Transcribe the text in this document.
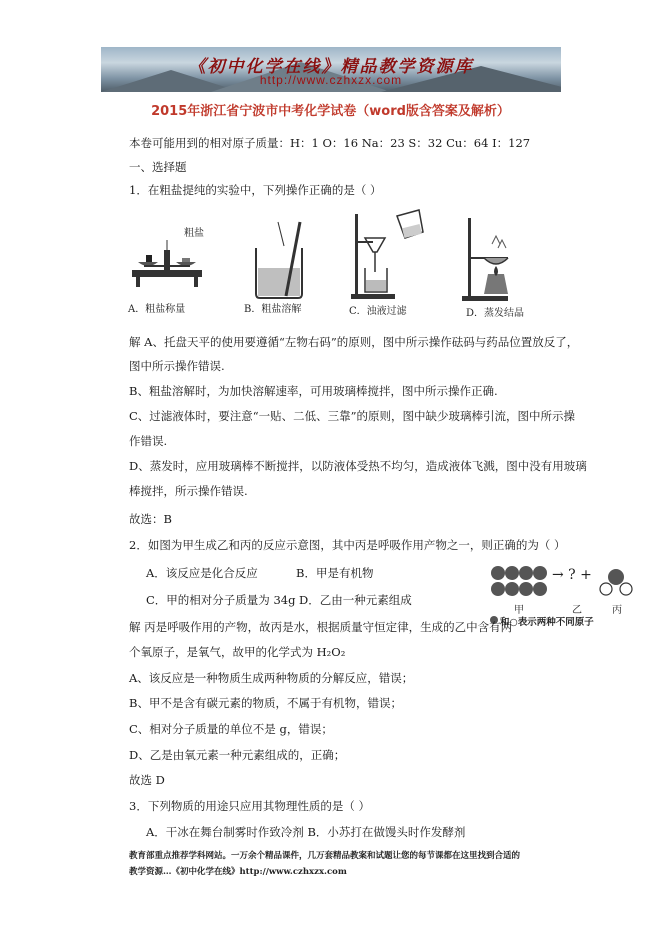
《初中化学在线》精品教学资源库
http://www.czhxzx.com
2015年浙江省宁波市中考化学试卷（word版含答案及解析）
本卷可能用到的相对原子质量：H：1 O：16 Na：23 S：32 Cu：64 I：127
一、选择题
1．在粗盐提纯的实验中，下列操作正确的是（ ）
粗盐
A．粗盐称量	B．粗盐溶解	C．浊液过滤	D．蒸发结晶
解 A、托盘天平的使用要遵循“左物右码”的原则，图中所示操作砝码与药品位置放反了，
图中所示操作错误.
B、粗盐溶解时，为加快溶解速率，可用玻璃棒搅拌，图中所示操作正确.
C、过滤液体时，要注意“一贴、二低、三靠”的原则，图中缺少玻璃棒引流，图中所示操
作错误.
D、蒸发时，应用玻璃棒不断搅拌，以防液体受热不均匀，造成液体飞溅，图中没有用玻璃
棒搅拌，所示操作错误.
故选：B
2．如图为甲生成乙和丙的反应示意图，其中丙是呼吸作用产物之一，则正确的为（ ）
A．该反应是化合反应	B．甲是有机物
C．甲的相对分子质量为 34g D．乙由一种元素组成
→ ? +
甲	乙	丙
和○表示两种不同原子
解 丙是呼吸作用的产物，故丙是水，根据质量守恒定律，生成的乙中含有两
个氧原子，是氧气，故甲的化学式为 H₂O₂
A、该反应是一种物质生成两种物质的分解反应，错误；
B、甲不是含有碳元素的物质，不属于有机物，错误；
C、相对分子质量的单位不是 g，错误；
D、乙是由氧元素一种元素组成的，正确；
故选 D
3．下列物质的用途只应用其物理性质的是（ ）
A．干冰在舞台制雾时作致冷剂 B．小苏打在做馒头时作发酵剂
教育部重点推荐学科网站。一万余个精品课件，几万套精品教案和试题让您的每节课都在这里找到合适的
教学资源…《初中化学在线》http://www.czhxzx.com
